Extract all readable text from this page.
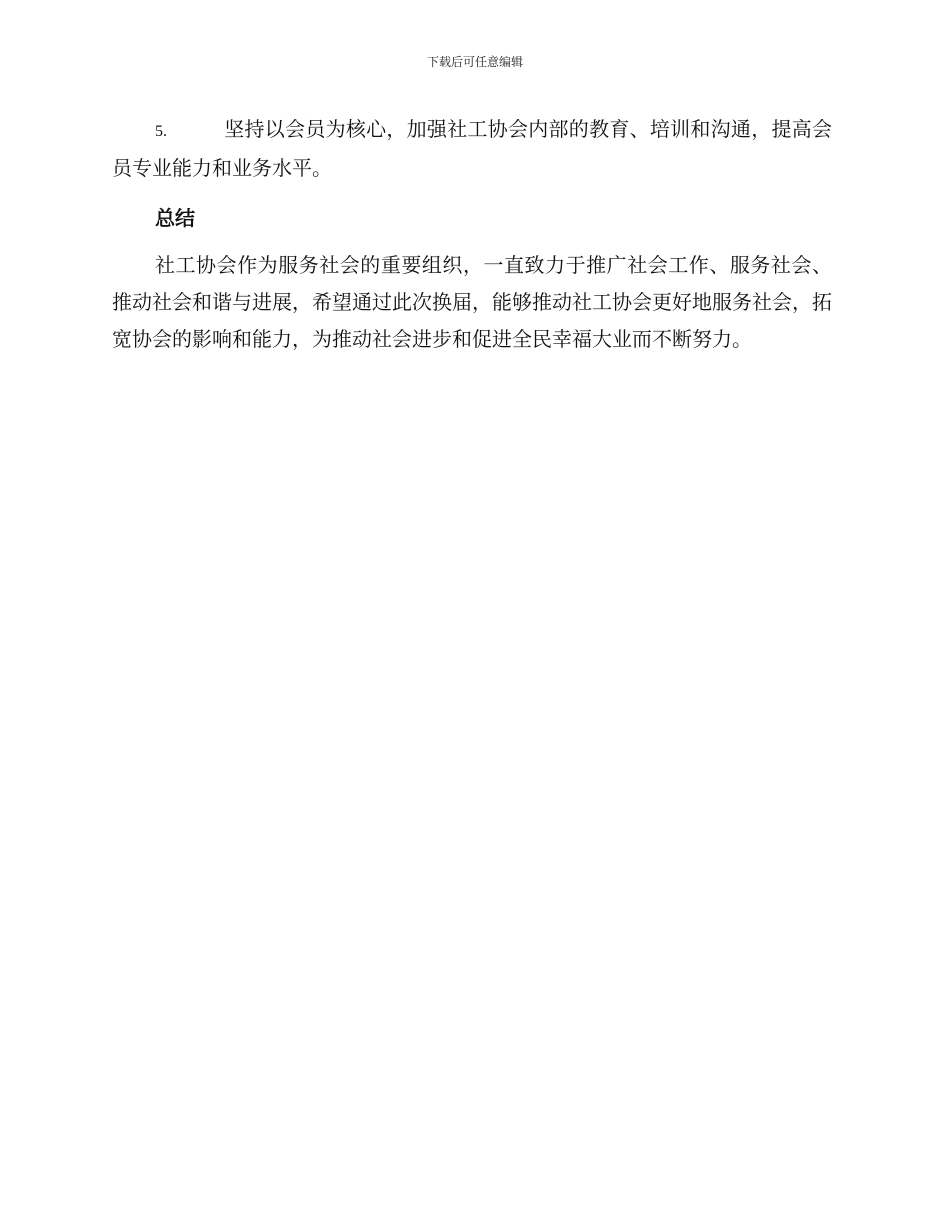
下载后可任意编辑

5.	坚持以会员为核心，加强社工协会内部的教育、培训和沟通，提高会员专业能力和业务水平。

总结

社工协会作为服务社会的重要组织，一直致力于推广社会工作、服务社会、推动社会和谐与进展，希望通过此次换届，能够推动社工协会更好地服务社会，拓宽协会的影响和能力，为推动社会进步和促进全民幸福大业而不断努力。
